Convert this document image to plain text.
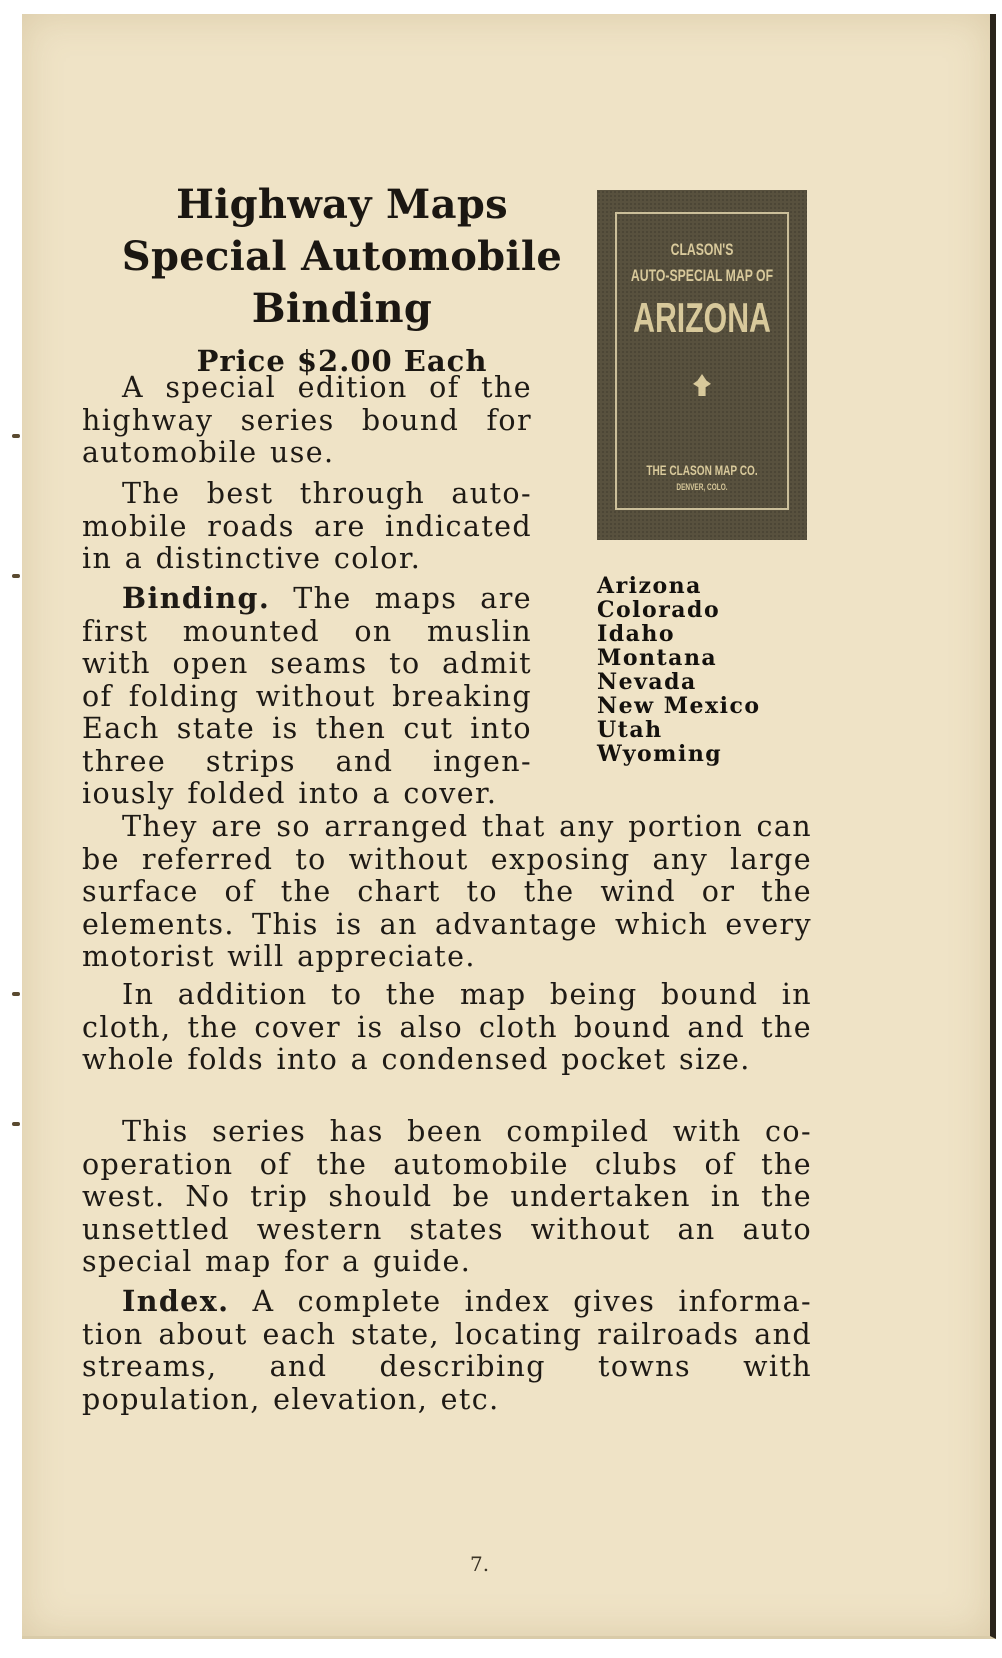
Highway Maps
Special Automobile
Binding
Price $2.00 Each

A special edition of the highway series bound for automobile use.

The best through auto-mobile roads are indicated in a distinctive color.

Binding. The maps are first mounted on muslin with open seams to admit of folding without breaking Each state is then cut into three strips and ingen-iously folded into a cover.

CLASON'S
AUTO-SPECIAL MAP OF
ARIZONA
THE CLASON MAP CO.
DENVER, COLO.
Arizona
Colorado
Idaho
Montana
Nevada
New Mexico
Utah
Wyoming

They are so arranged that any portion can be referred to without exposing any large surface of the chart to the wind or the elements. This is an advantage which every motorist will appreciate.

In addition to the map being bound in cloth, the cover is also cloth bound and the whole folds into a condensed pocket size.

This series has been compiled with co-operation of the automobile clubs of the west. No trip should be undertaken in the unsettled western states without an auto special map for a guide.

Index. A complete index gives informa-tion about each state, locating railroads and streams, and describing towns with population, elevation, etc.

7.
